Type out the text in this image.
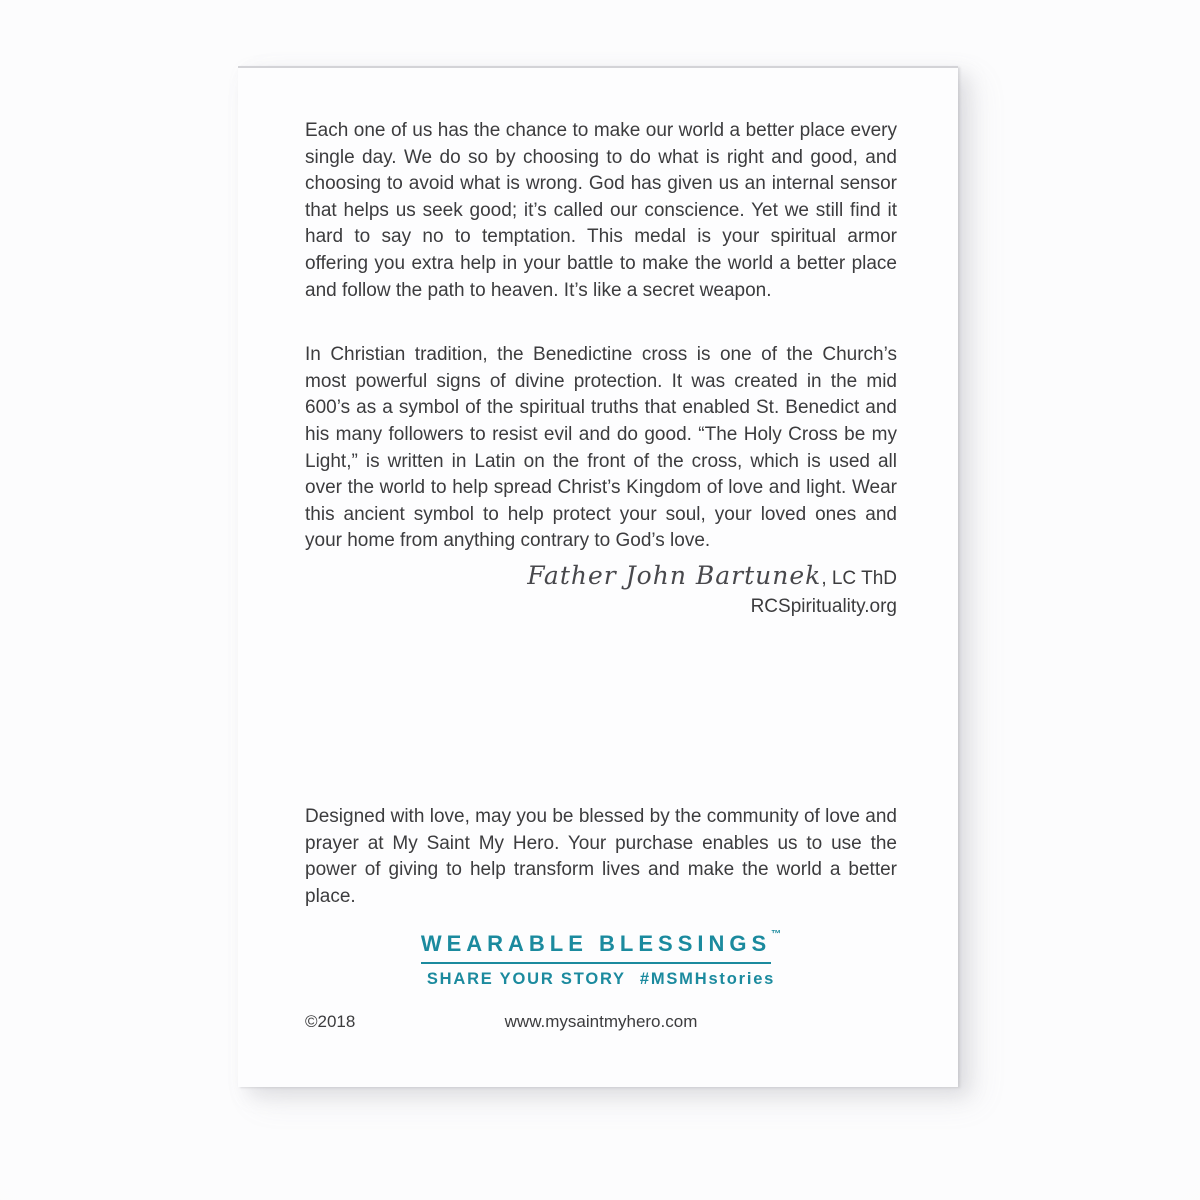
Each one of us has the chance to make our world a better place every single day. We do so by choosing to do what is right and good, and choosing to avoid what is wrong. God has given us an internal sensor that helps us seek good; it’s called our conscience. Yet we still find it hard to say no to temptation. This medal is your spiritual armor offering you extra help in your battle to make the world a better place and follow the path to heaven. It’s like a secret weapon.

In Christian tradition, the Benedictine cross is one of the Church’s most powerful signs of divine protection. It was created in the mid 600’s as a symbol of the spiritual truths that enabled St. Benedict and his many followers to resist evil and do good. “The Holy Cross be my Light,” is written in Latin on the front of the cross, which is used all over the world to help spread Christ’s Kingdom of love and light. Wear this ancient symbol to help protect your soul, your loved ones and your home from anything contrary to God’s love.

Father John Bartunek, LC ThD
RCSpirituality.org

Designed with love, may you be blessed by the community of love and prayer at My Saint My Hero. Your purchase enables us to use the power of giving to help transform lives and make the world a better place.

WEARABLE BLESSINGS™
SHARE YOUR STORY #MSMHstories
©2018	www.mysaintmyhero.com
